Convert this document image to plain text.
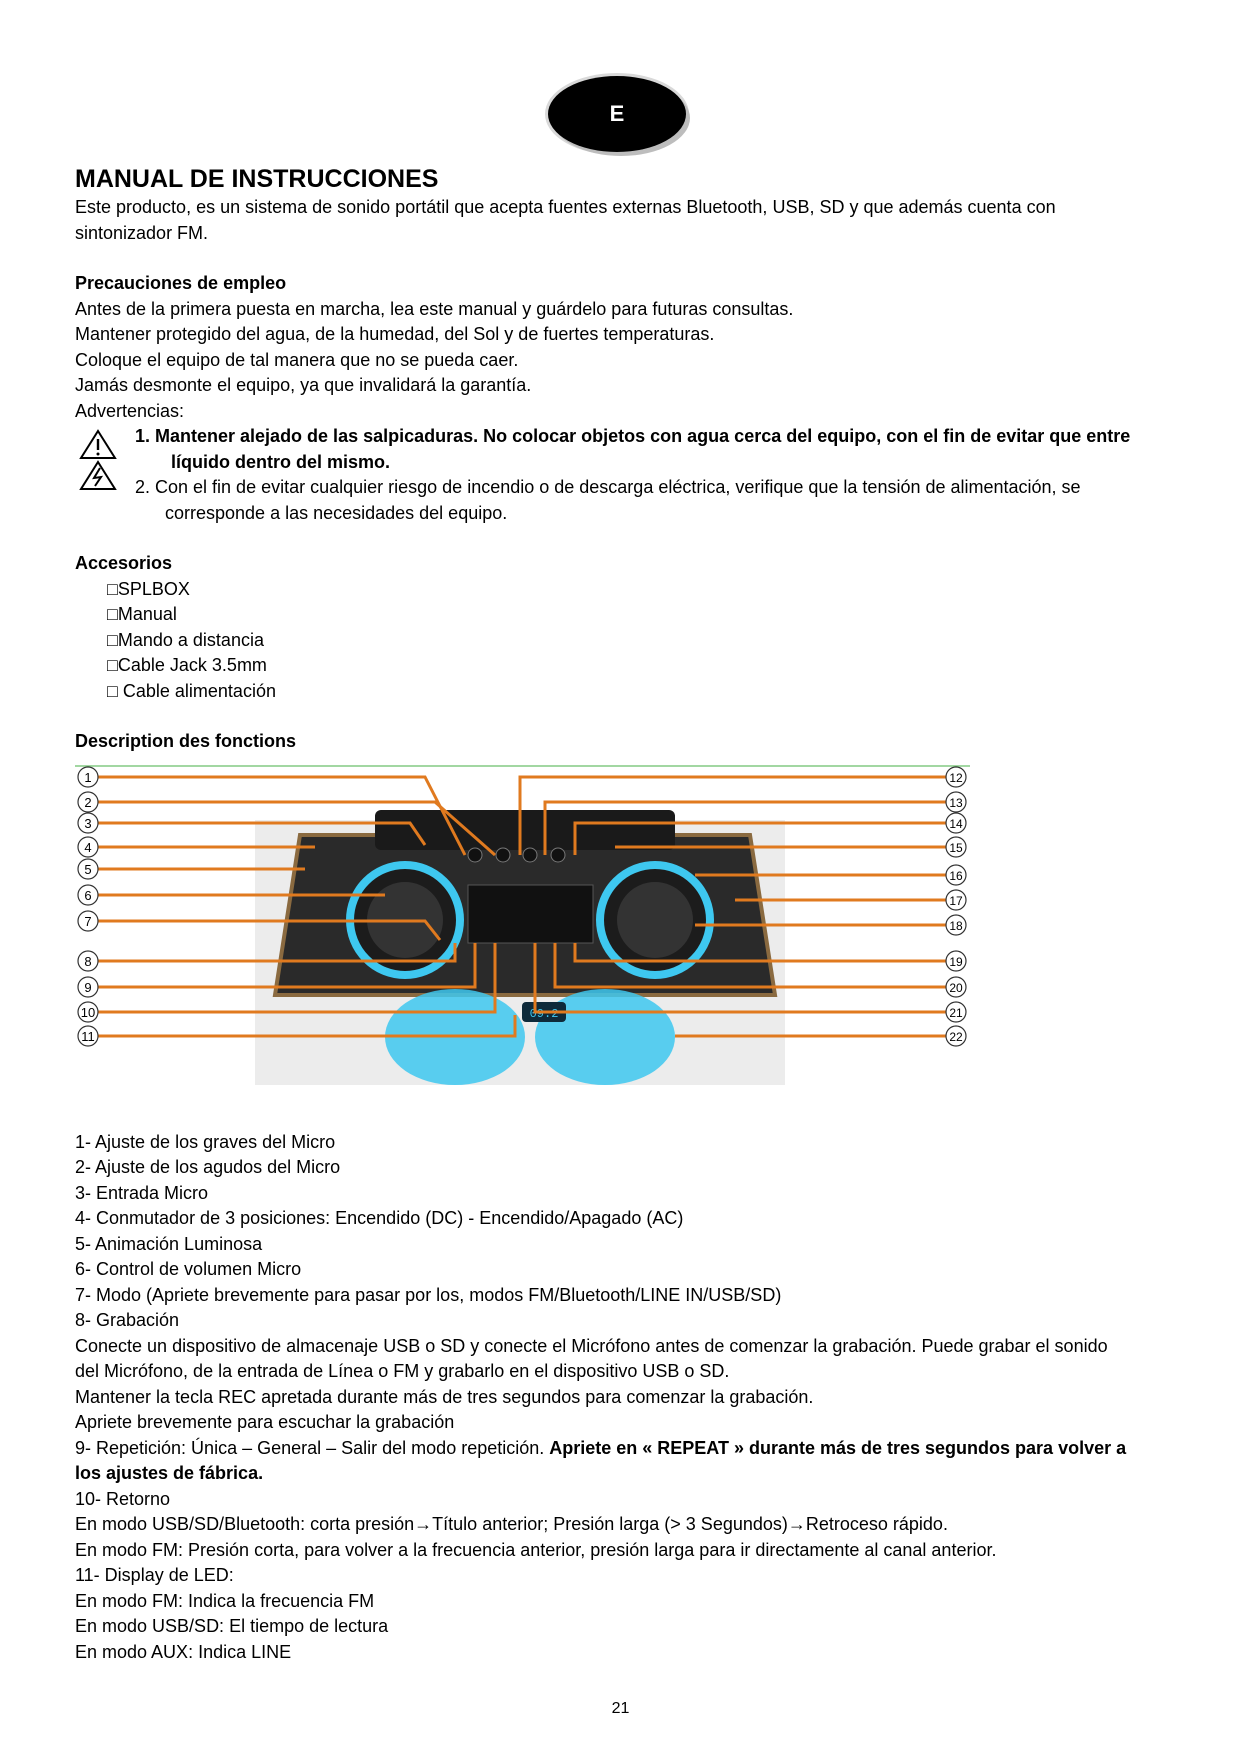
E

MANUAL DE INSTRUCCIONES

Este producto, es un sistema de sonido portátil que acepta fuentes externas Bluetooth, USB, SD y que además cuenta con

sintonizador FM.

Precauciones de empleo

Antes de la primera puesta en marcha, lea este manual y guárdelo para futuras consultas.

Mantener protegido del agua, de la humedad, del Sol y de fuertes temperaturas.

Coloque el equipo de tal manera que no se pueda caer.

Jamás desmonte el equipo, ya que invalidará la garantía.

Advertencias:

1. Mantener alejado de las salpicaduras. No colocar objetos con agua cerca del equipo, con el fin de evitar que entre
líquido dentro del mismo.
2. Con el fin de evitar cualquier riesgo de incendio o de descarga eléctrica, verifique que la tensión de alimentación, se
corresponde a las necesidades del equipo.

Accesorios

□SPLBOX

□Manual

□Mando a distancia

□Cable Jack 3.5mm

□ Cable alimentación

Description des fonctions

09:2
1
2
3
4
5
6
7
8
9
10
11
12
13
14
15
16
17
18
19
20
21
22

1- Ajuste de los graves del Micro

2- Ajuste de los agudos del Micro

3- Entrada Micro

4- Conmutador de 3 posiciones: Encendido (DC) - Encendido/Apagado (AC)

5- Animación Luminosa

6- Control de volumen Micro

7- Modo (Apriete brevemente para pasar por los, modos FM/Bluetooth/LINE IN/USB/SD)

8- Grabación

Conecte un dispositivo de almacenaje USB o SD y conecte el Micrófono antes de comenzar la grabación. Puede grabar el sonido

del Micrófono, de la entrada de Línea o FM y grabarlo en el dispositivo USB o SD.

Mantener la tecla REC apretada durante más de tres segundos para comenzar la grabación.

Apriete brevemente para escuchar la grabación

9- Repetición: Única – General – Salir del modo repetición. Apriete en « REPEAT » durante más de tres segundos para volver a

los ajustes de fábrica.

10- Retorno

En modo USB/SD/Bluetooth: corta presión→Título anterior; Presión larga (> 3 Segundos)→Retroceso rápido.

En modo FM: Presión corta, para volver a la frecuencia anterior, presión larga para ir directamente al canal anterior.

11- Display de LED:

En modo FM: Indica la frecuencia FM

En modo USB/SD: El tiempo de lectura

En modo AUX: Indica LINE

21
